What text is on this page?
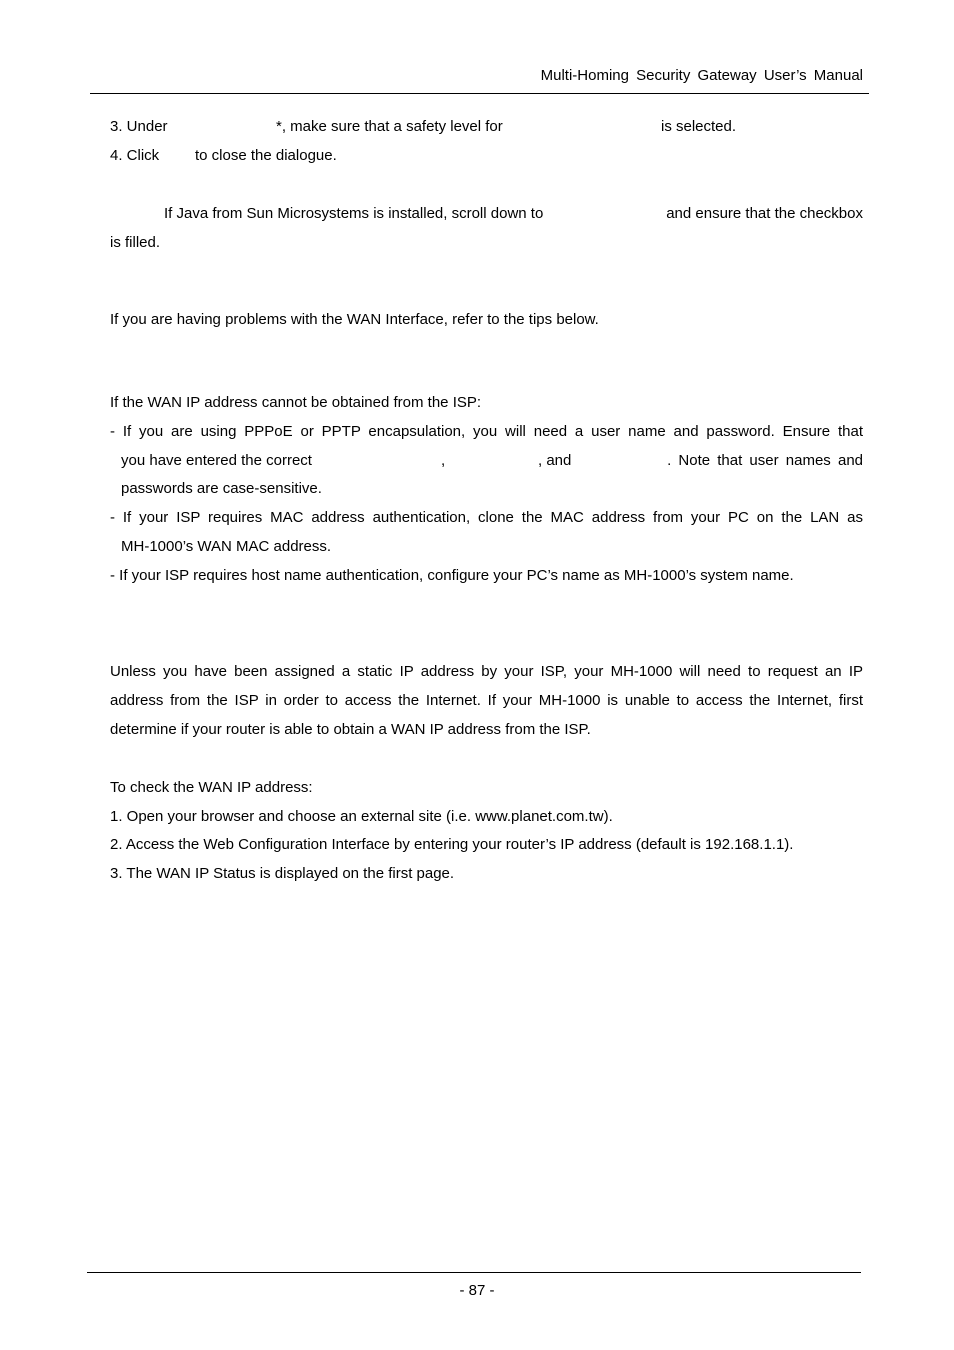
Multi-Homing Security Gateway User’s Manual
3. Under	*, make sure that a safety level for	is selected.
4. Click to close the dialogue.
If Java from Sun Microsystems is installed, scroll down to	and ensure that the checkbox
is filled.
If you are having problems with the WAN Interface, refer to the tips below.
If the WAN IP address cannot be obtained from the ISP:
- If you are using PPPoE or PPTP encapsulation, you will need a user name and password. Ensure that
you have entered the correct	,	, and	. Note that user names and
passwords are case-sensitive.
- If your ISP requires MAC address authentication, clone the MAC address from your PC on the LAN as
MH-1000’s WAN MAC address.
- If your ISP requires host name authentication, configure your PC’s name as MH-1000’s system name.
Unless you have been assigned a static IP address by your ISP, your MH-1000 will need to request an IP
address from the ISP in order to access the Internet. If your MH-1000 is unable to access the Internet, first
determine if your router is able to obtain a WAN IP address from the ISP.
To check the WAN IP address:
1. Open your browser and choose an external site (i.e. www.planet.com.tw).
2. Access the Web Configuration Interface by entering your router’s IP address (default is 192.168.1.1).
3. The WAN IP Status is displayed on the first page.
- 87 -
